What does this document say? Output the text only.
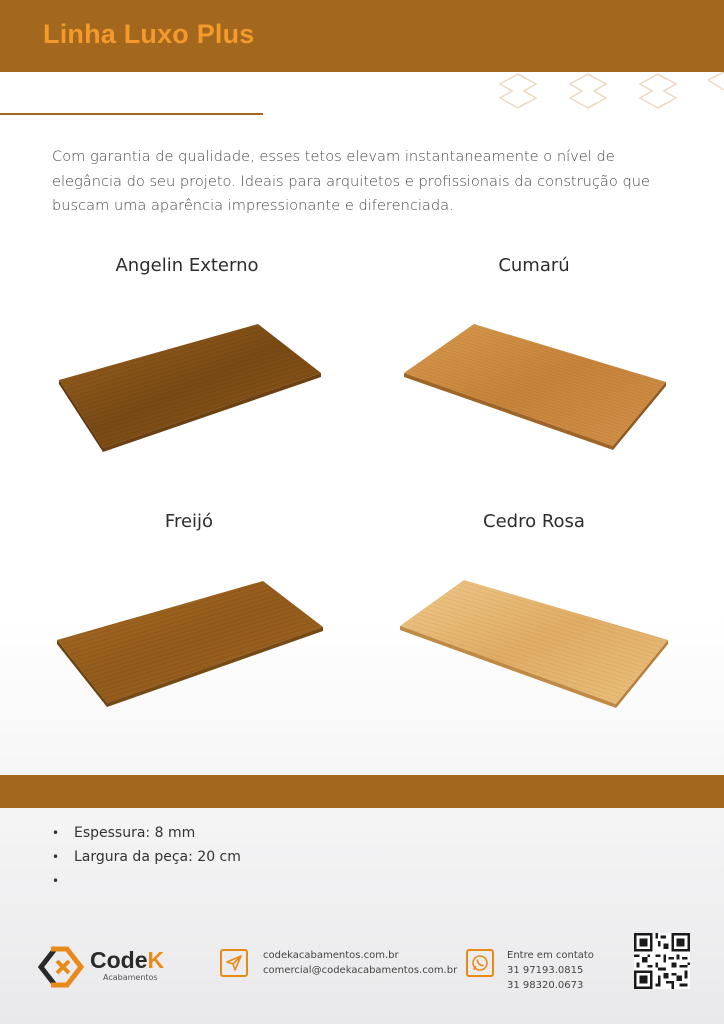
Linha Luxo Plus

Com garantia de qualidade, esses tetos elevam instantaneamente o nível de elegância do seu projeto. Ideais para arquitetos e profissionais da construção que buscam uma aparência impressionante e diferenciada.

Angelin Externo	Cumarú
Freijó	Cedro Rosa
• Espessura: 8 mm
• Largura da peça: 20 cm
•
CodeK
Acabamentos
codekacabamentos.com.br
comercial@codekacabamentos.com.br
Entre em contato
31 97193.0815
31 98320.0673
